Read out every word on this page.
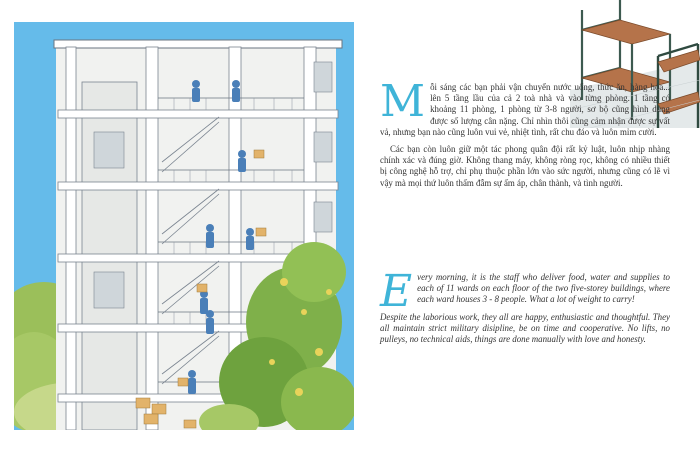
Mỗi sáng các bạn phải vận chuyển nước uống, thức ăn, hàng hóa... lên 5 tầng lầu của cả 2 toà nhà và vào từng phòng. 1 tầng có khoảng 11 phòng, 1 phòng từ 3-8 người, sơ bộ cũng hình dung được số lượng cân nặng. Chỉ nhìn thôi cũng cảm nhận được sự vất vả, nhưng bạn nào cũng luôn vui vẻ, nhiệt tình, rất chu đáo và luôn mỉm cười.

Các bạn còn luôn giữ một tác phong quân đội rất kỷ luật, luôn nhịp nhàng chính xác và đúng giờ. Không thang máy, không ròng rọc, không có nhiều thiết bị công nghệ hỗ trợ, chỉ phụ thuộc phần lớn vào sức người, nhưng cũng có lẽ vì vậy mà mọi thứ luôn thấm đẫm sự ấm áp, chân thành, và tình người.

Every morning, it is the staff who deliver food, water and supplies to each of 11 wards on each floor of the two five-storey buildings, where each ward houses 3 - 8 people. What a lot of weight to carry!

Despite the laborious work, they all are happy, enthusiastic and thoughtful. They all maintain strict military disipline, be on time and cooperative. No lifts, no pulleys, no technical aids, things are done manually with love and honesty.
